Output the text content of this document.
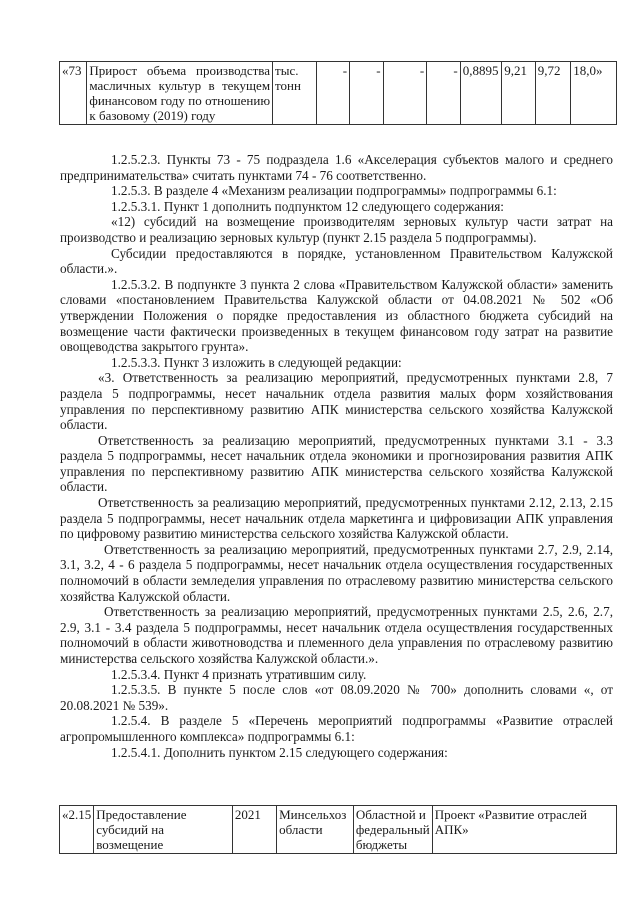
«73	Прирост объема производства масличных культур в текущем финансовом году по отношению к базовому (2019) году	тыс. тонн	-	-	-	-	0,8895	9,21	9,72	18,0»

1.2.5.2.3. Пункты 73 - 75 подраздела 1.6 «Акселерация субъектов малого и среднего предпринимательства» считать пунктами 74 - 76 соответственно.

1.2.5.3. В разделе 4 «Механизм реализации подпрограммы» подпрограммы 6.1:

1.2.5.3.1. Пункт 1 дополнить подпунктом 12 следующего содержания:

«12) субсидий на возмещение производителям зерновых культур части затрат на производство и реализацию зерновых культур (пункт 2.15 раздела 5 подпрограммы).

Субсидии предоставляются в порядке, установленном Правительством Калужской области.».

1.2.5.3.2. В подпункте 3 пункта 2 слова «Правительством Калужской области» заменить словами «постановлением Правительства Калужской области от 04.08.2021 № 502 «Об утверждении Положения о порядке предоставления из областного бюджета субсидий на возмещение части фактически произведенных в текущем финансовом году затрат на развитие овощеводства закрытого грунта».

1.2.5.3.3. Пункт 3 изложить в следующей редакции:

«3. Ответственность за реализацию мероприятий, предусмотренных пунктами 2.8, 7 раздела 5 подпрограммы, несет начальник отдела развития малых форм хозяйствования управления по перспективному развитию АПК министерства сельского хозяйства Калужской области.

Ответственность за реализацию мероприятий, предусмотренных пунктами 3.1 - 3.3 раздела 5 подпрограммы, несет начальник отдела экономики и прогнозирования развития АПК управления по перспективному развитию АПК министерства сельского хозяйства Калужской области.

Ответственность за реализацию мероприятий, предусмотренных пунктами 2.12, 2.13, 2.15 раздела 5 подпрограммы, несет начальник отдела маркетинга и цифровизации АПК управления по цифровому развитию министерства сельского хозяйства Калужской области.

Ответственность за реализацию мероприятий, предусмотренных пунктами 2.7, 2.9, 2.14, 3.1, 3.2, 4 - 6 раздела 5 подпрограммы, несет начальник отдела осуществления государственных полномочий в области земледелия управления по отраслевому развитию министерства сельского хозяйства Калужской области.

Ответственность за реализацию мероприятий, предусмотренных пунктами 2.5, 2.6, 2.7, 2.9, 3.1 - 3.4 раздела 5 подпрограммы, несет начальник отдела осуществления государственных полномочий в области животноводства и племенного дела управления по отраслевому развитию министерства сельского хозяйства Калужской области.».

1.2.5.3.4. Пункт 4 признать утратившим силу.

1.2.5.3.5. В пункте 5 после слов «от 08.09.2020 № 700» дополнить словами «, от 20.08.2021 № 539».

1.2.5.4. В разделе 5 «Перечень мероприятий подпрограммы «Развитие отраслей агропромышленного комплекса» подпрограммы 6.1:

1.2.5.4.1. Дополнить пунктом 2.15 следующего содержания:

«2.15	Предоставление субсидий на возмещение	2021	Минсельхоз области	Областной и федеральный бюджеты	Проект «Развитие отраслей АПК»
